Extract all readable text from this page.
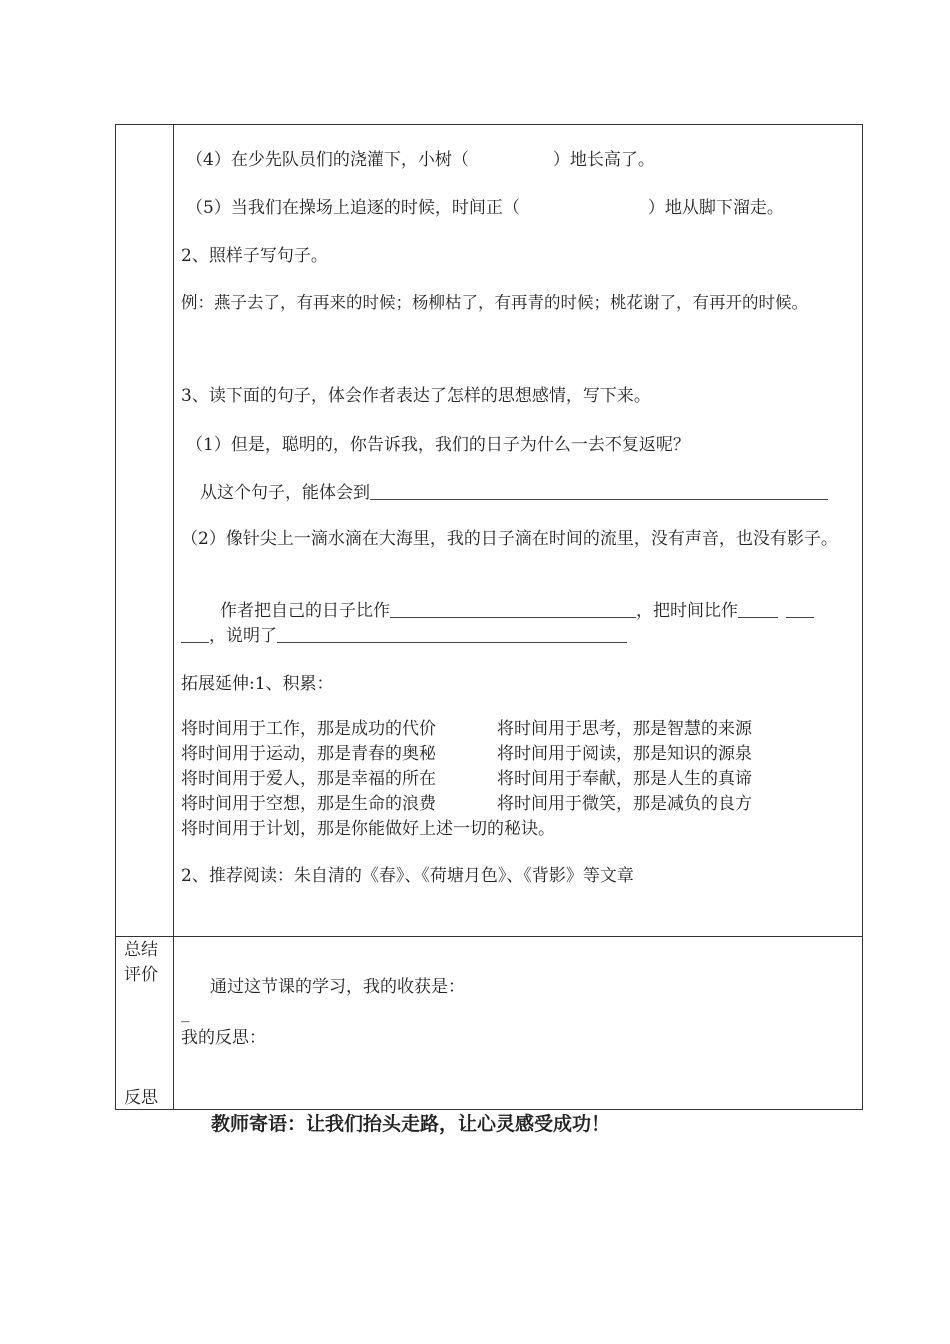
（4）在少先队员们的浇灌下，小树（	）地长高了。
（5）当我们在操场上追逐的时候，时间正（	）地从脚下溜走。
2、照样子写句子。
例：燕子去了，有再来的时候；杨柳枯了，有再青的时候；桃花谢了，有再开的时候。
3、读下面的句子，体会作者表达了怎样的思想感情，写下来。
（1）但是，聪明的，你告诉我，我们的日子为什么一去不复返呢？
从这个句子，能体会到
（2）像针尖上一滴水滴在大海里，我的日子滴在时间的流里，没有声音，也没有影子。
作者把自己的日子比作	，把时间比作
，说明了
拓展延伸:1、积累：
将时间用于工作，那是成功的代价	将时间用于思考，那是智慧的来源
将时间用于运动，那是青春的奥秘	将时间用于阅读，那是知识的源泉
将时间用于爱人，那是幸福的所在	将时间用于奉献，那是人生的真谛
将时间用于空想，那是生命的浪费	将时间用于微笑，那是减负的良方
将时间用于计划，那是你能做好上述一切的秘诀。
2、推荐阅读：朱自清的《春》、《荷塘月色》、《背影》等文章
总结
评价
反思
通过这节课的学习，我的收获是：
_
我的反思：
教师寄语：让我们抬头走路，让心灵感受成功！
